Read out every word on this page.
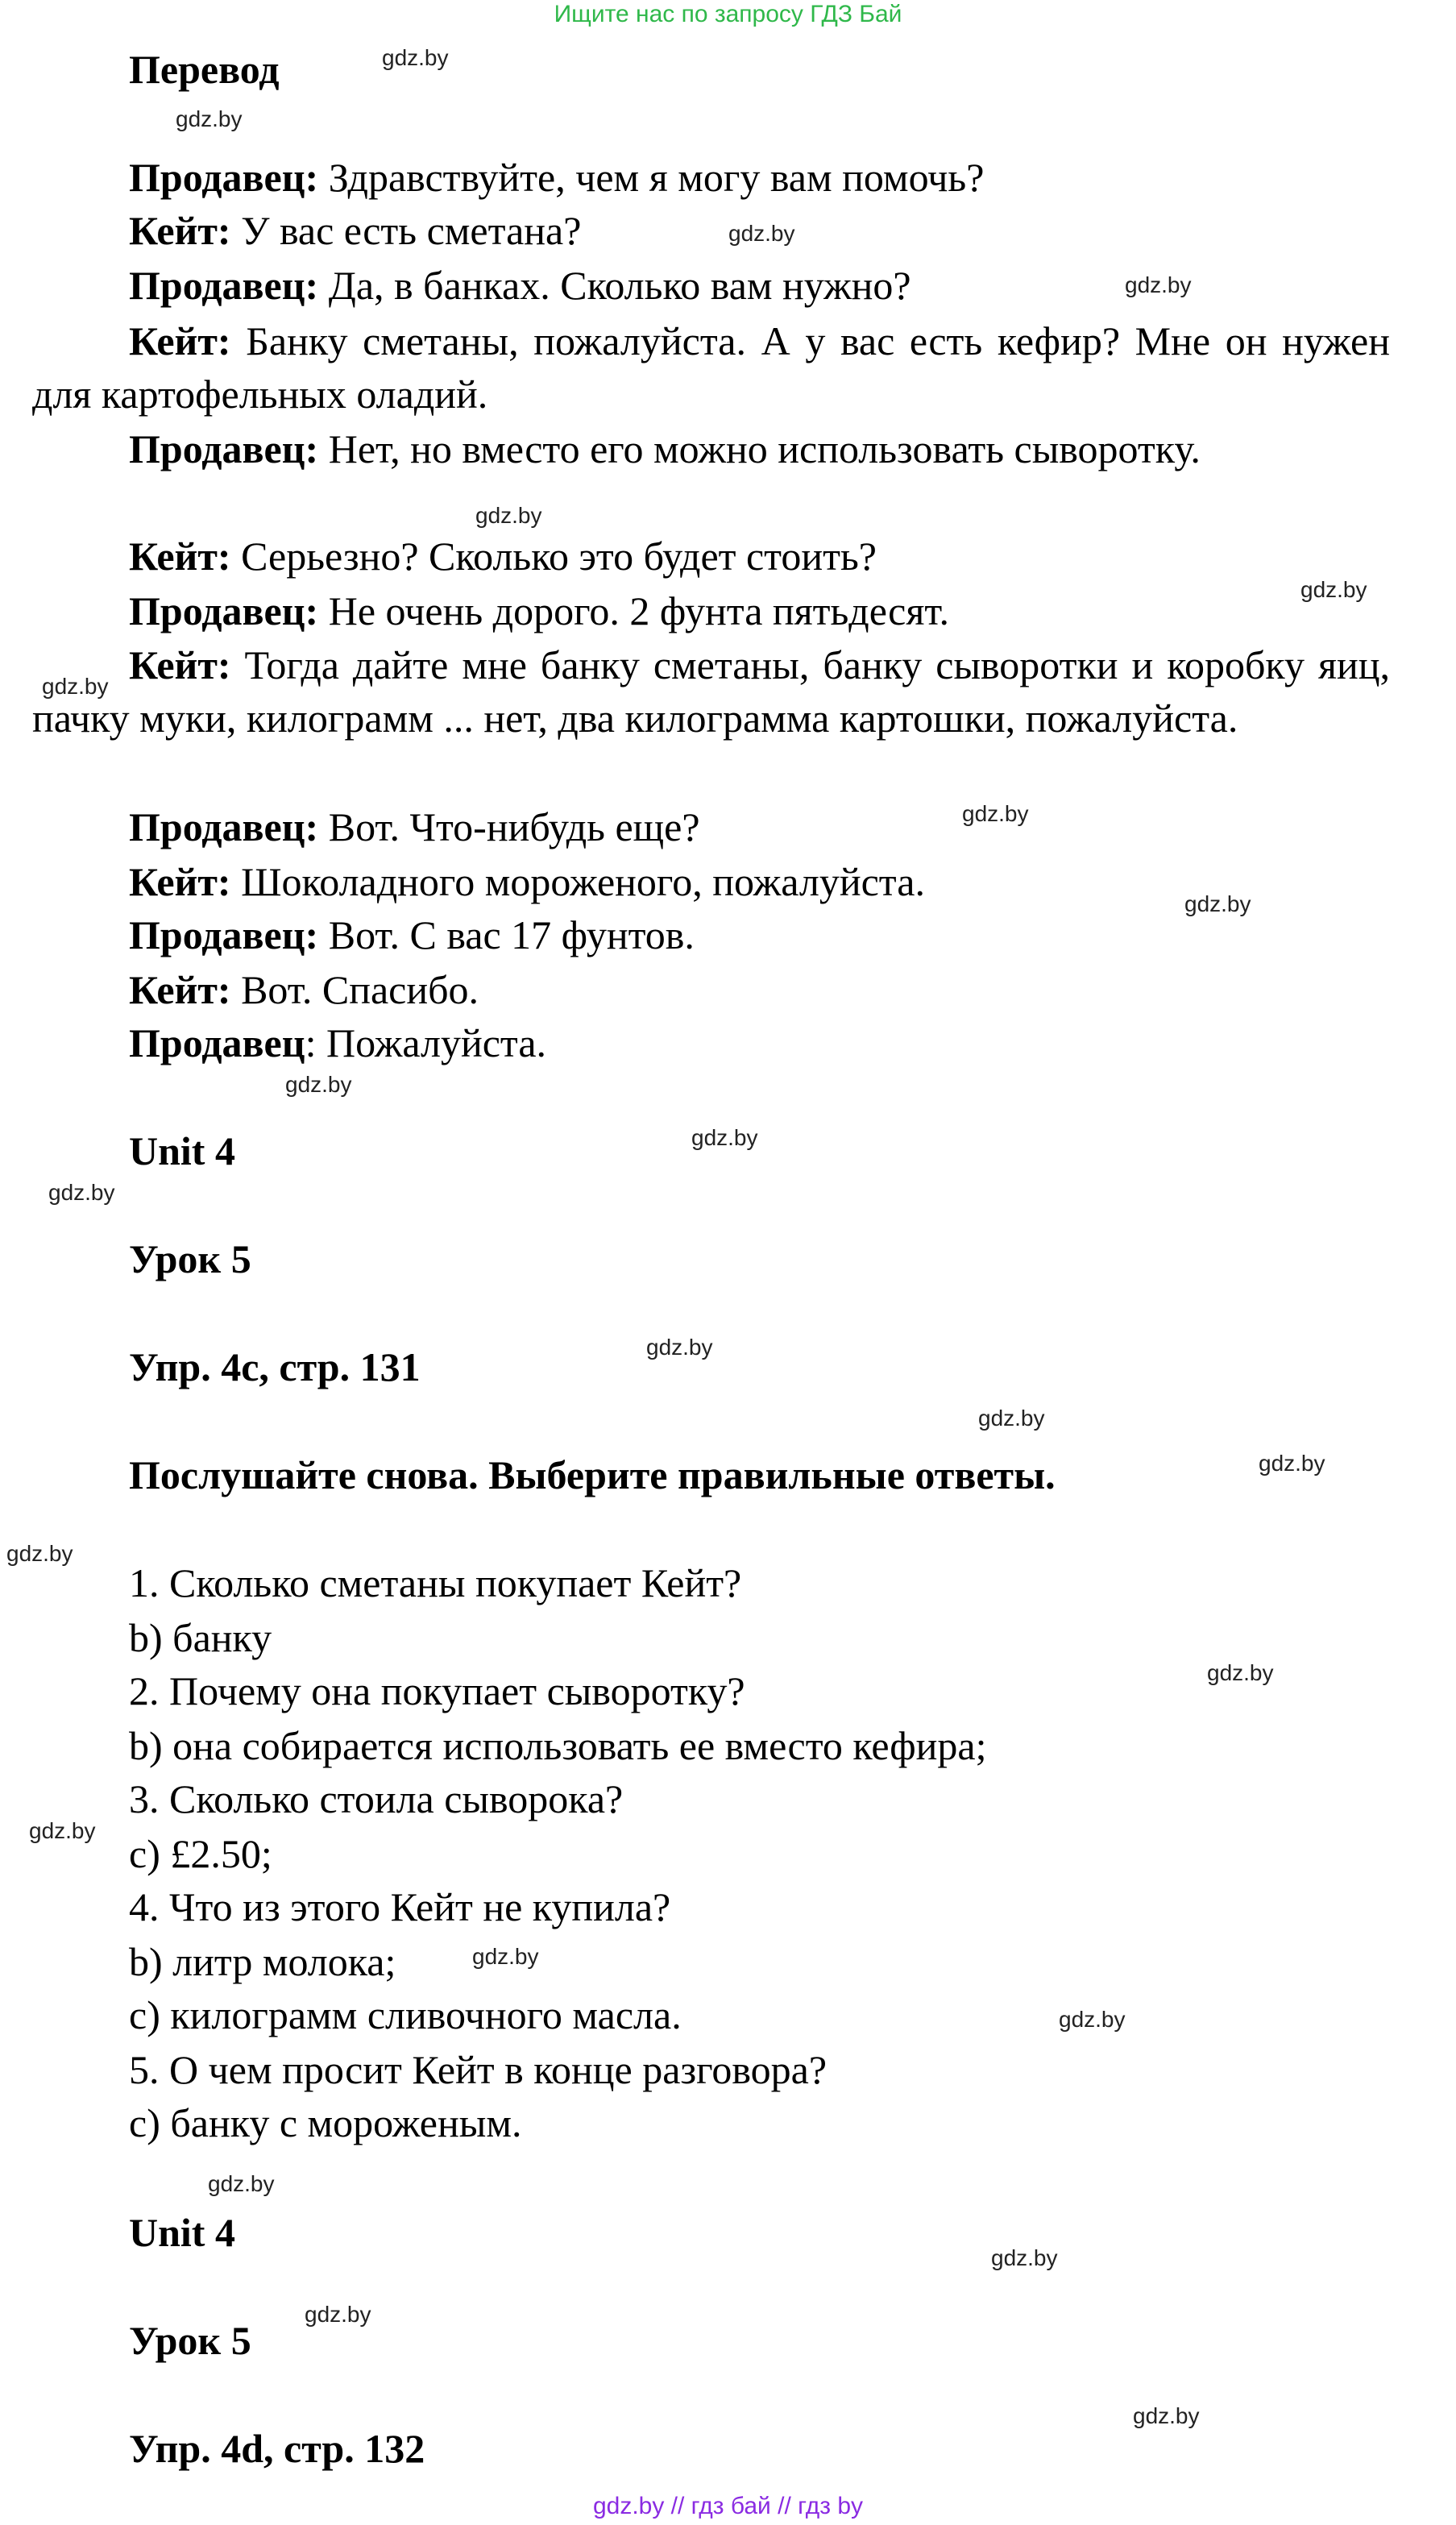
Ищите нас по запросу ГДЗ Бай
Перевод
Продавец: Здравствуйте, чем я могу вам помочь?
Кейт: У вас есть сметана?
Продавец: Да, в банках. Сколько вам нужно?
Кейт: Банку сметаны, пожалуйста. А у вас есть кефир? Мне он нужен для картофельных оладий.
Продавец: Нет, но вместо его можно использовать сыворотку.
Кейт: Серьезно? Сколько это будет стоить?
Продавец: Не очень дорого. 2 фунта пятьдесят.
Кейт: Тогда дайте мне банку сметаны, банку сыворотки и коробку яиц, пачку муки, килограмм ... нет, два килограмма картошки, пожалуйста.
Продавец: Вот. Что-нибудь еще?
Кейт: Шоколадного мороженого, пожалуйста.
Продавец: Вот. С вас 17 фунтов.
Кейт: Вот. Спасибо.
Продавец: Пожалуйста.
Unit 4
Урок 5
Упр. 4c, стр. 131
Послушайте снова. Выберите правильные ответы.
1. Сколько сметаны покупает Кейт?
b) банку
2. Почему она покупает сыворотку?
b) она собирается использовать ее вместо кефира;
3. Сколько стоила сыворока?
c) £2.50;
4. Что из этого Кейт не купила?
b) литр молока;
c) килограмм сливочного масла.
5. О чем просит Кейт в конце разговора?
c) банку с мороженым.
Unit 4
Урок 5
Упр. 4d, стр. 132
gdz.by
gdz.by
gdz.by
gdz.by
gdz.by
gdz.by
gdz.by
gdz.by
gdz.by
gdz.by
gdz.by
gdz.by
gdz.by
gdz.by
gdz.by
gdz.by
gdz.by
gdz.by
gdz.by
gdz.by
gdz.by
gdz.by
gdz.by
gdz.by
gdz.by // гдз бай // гдз by
